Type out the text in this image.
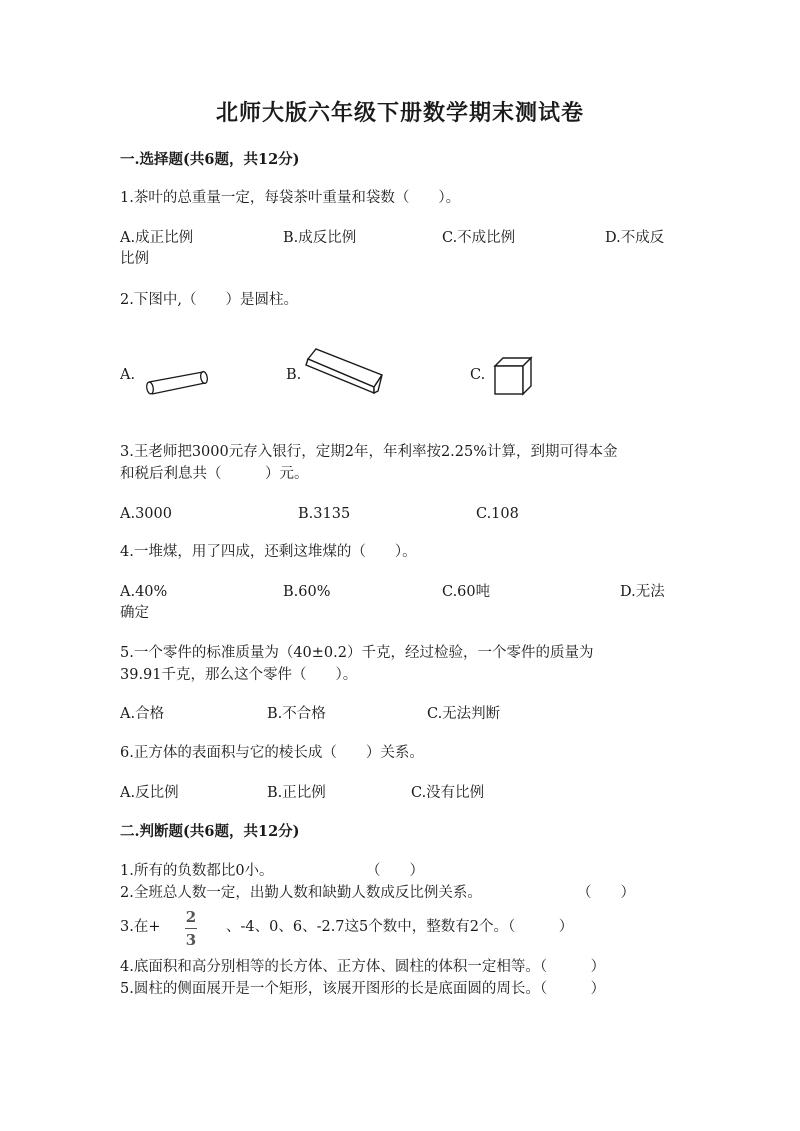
北师大版六年级下册数学期末测试卷
一.选择题(共6题，共12分)
1.茶叶的总重量一定，每袋茶叶重量和袋数（　　）。
A.成正比例	B.成反比例	C.不成比例	D.不成反
比例
2.下图中,（　　）是圆柱。
A.	B.	C.
3.王老师把3000元存入银行，定期2年，年利率按2.25%计算，到期可得本金
和税后利息共（　　　）元。
A.3000	B.3135	C.108
4.一堆煤，用了四成，还剩这堆煤的（　　）。
A.40%	B.60%	C.60吨	D.无法
确定
5.一个零件的标准质量为（40±0.2）千克，经过检验，一个零件的质量为
39.91千克，那么这个零件（　　）。
A.合格	B.不合格	C.无法判断
6.正方体的表面积与它的棱长成（　　）关系。
A.反比例	B.正比例	C.没有比例
二.判断题(共6题，共12分)
1.所有的负数都比0小。	（　　）
2.全班总人数一定，出勤人数和缺勤人数成反比例关系。	（　　）
3.在+
2
3
、-4、0、6、-2.7这5个数中，整数有2个。（　　　）
4.底面积和高分别相等的长方体、正方体、圆柱的体积一定相等。（　　　）
5.圆柱的侧面展开是一个矩形，该展开图形的长是底面圆的周长。（　　　）
